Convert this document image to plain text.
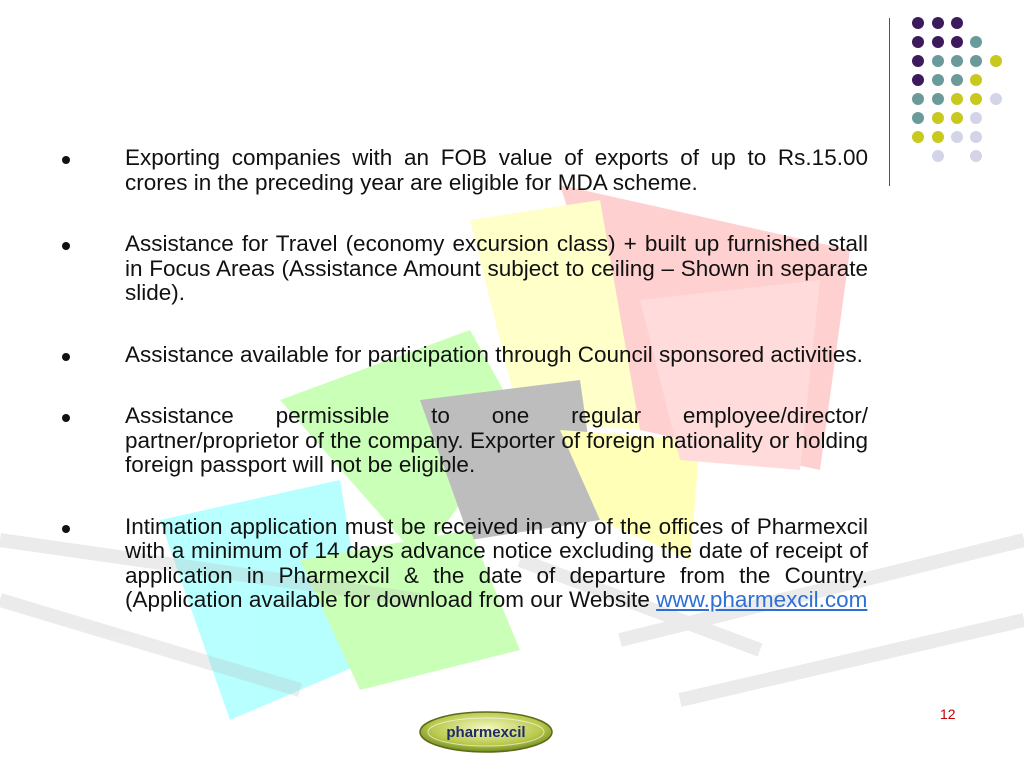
Exporting companies with an FOB value of exports of up to Rs.15.00 crores in the preceding year are eligible for MDA scheme.
Assistance for Travel (economy excursion class) + built up furnished stall in Focus Areas (Assistance Amount subject to ceiling – Shown in separate slide).
Assistance available for participation through Council sponsored activities.
Assistance permissible to one regular employee/director/ partner/proprietor of the company. Exporter of foreign nationality or holding foreign passport will not be eligible.
Intimation application must be received in any of the offices of Pharmexcil with a minimum of 14 days advance notice excluding the date of receipt of application in Pharmexcil & the date of departure from the Country. (Application available for download from our Website www.pharmexcil.com
12
pharmexcil
